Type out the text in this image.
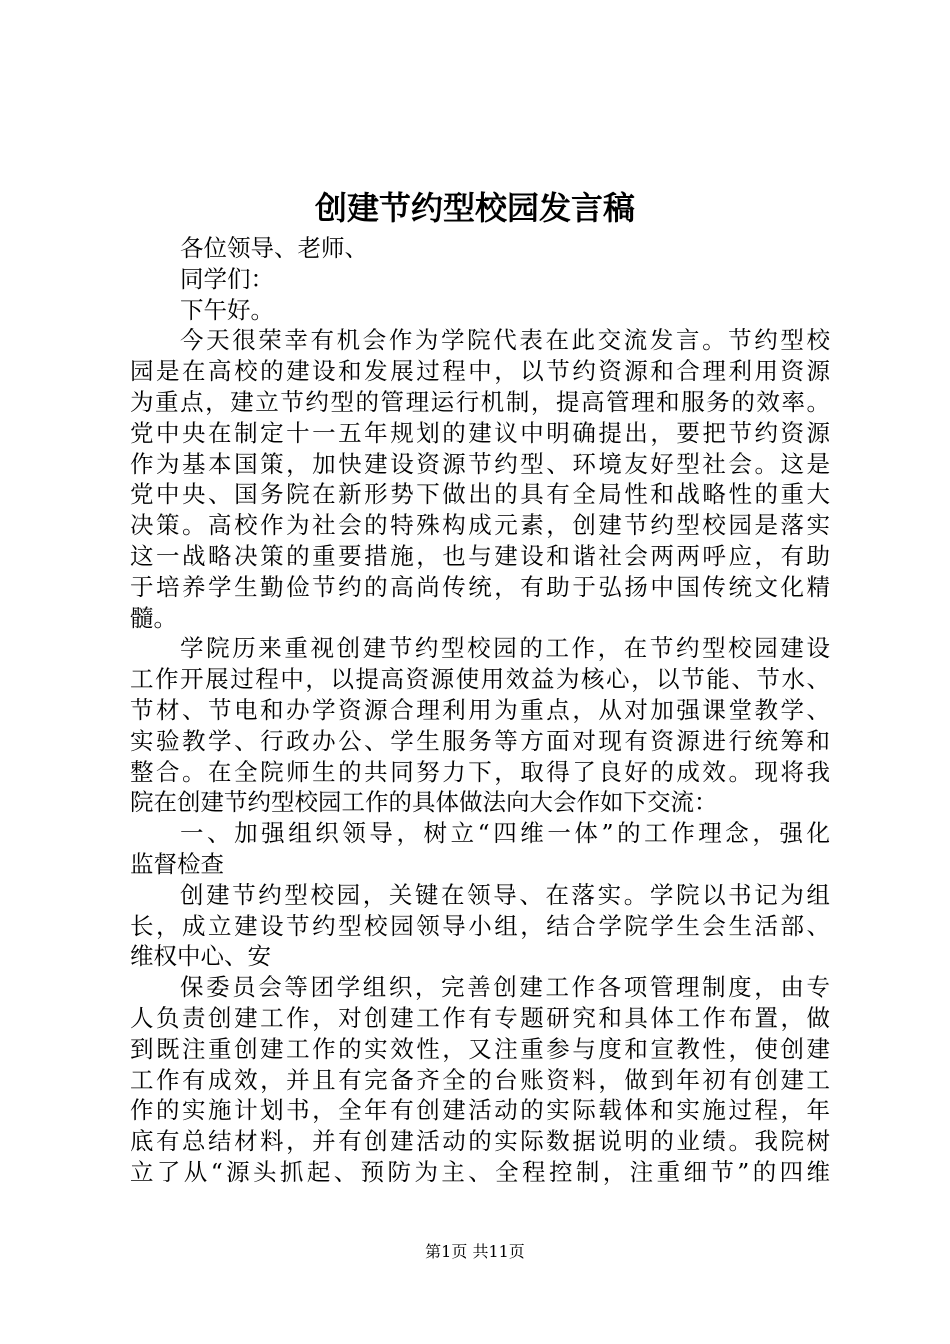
创建节约型校园发言稿
各位领导、老师、
同学们：
下午好。
今天很荣幸有机会作为学院代表在此交流发言。节约型校
园是在高校的建设和发展过程中，以节约资源和合理利用资源
为重点，建立节约型的管理运行机制，提高管理和服务的效率。
党中央在制定十一五年规划的建议中明确提出，要把节约资源
作为基本国策，加快建设资源节约型、环境友好型社会。这是
党中央、国务院在新形势下做出的具有全局性和战略性的重大
决策。高校作为社会的特殊构成元素，创建节约型校园是落实
这一战略决策的重要措施，也与建设和谐社会两两呼应，有助
于培养学生勤俭节约的高尚传统，有助于弘扬中国传统文化精
髓。
学院历来重视创建节约型校园的工作，在节约型校园建设
工作开展过程中，以提高资源使用效益为核心，以节能、节水、
节材、节电和办学资源合理利用为重点，从对加强课堂教学、
实验教学、行政办公、学生服务等方面对现有资源进行统筹和
整合。在全院师生的共同努力下，取得了良好的成效。现将我
院在创建节约型校园工作的具体做法向大会作如下交流：
一、加强组织领导，树立“四维一体”的工作理念，强化
监督检查
创建节约型校园，关键在领导、在落实。学院以书记为组
长，成立建设节约型校园领导小组，结合学院学生会生活部、
维权中心、安
保委员会等团学组织，完善创建工作各项管理制度，由专
人负责创建工作，对创建工作有专题研究和具体工作布置，做
到既注重创建工作的实效性，又注重参与度和宣教性，使创建
工作有成效，并且有完备齐全的台账资料，做到年初有创建工
作的实施计划书，全年有创建活动的实际载体和实施过程，年
底有总结材料，并有创建活动的实际数据说明的业绩。我院树
立了从“源头抓起、预防为主、全程控制，注重细节”的四维
第1页 共11页
